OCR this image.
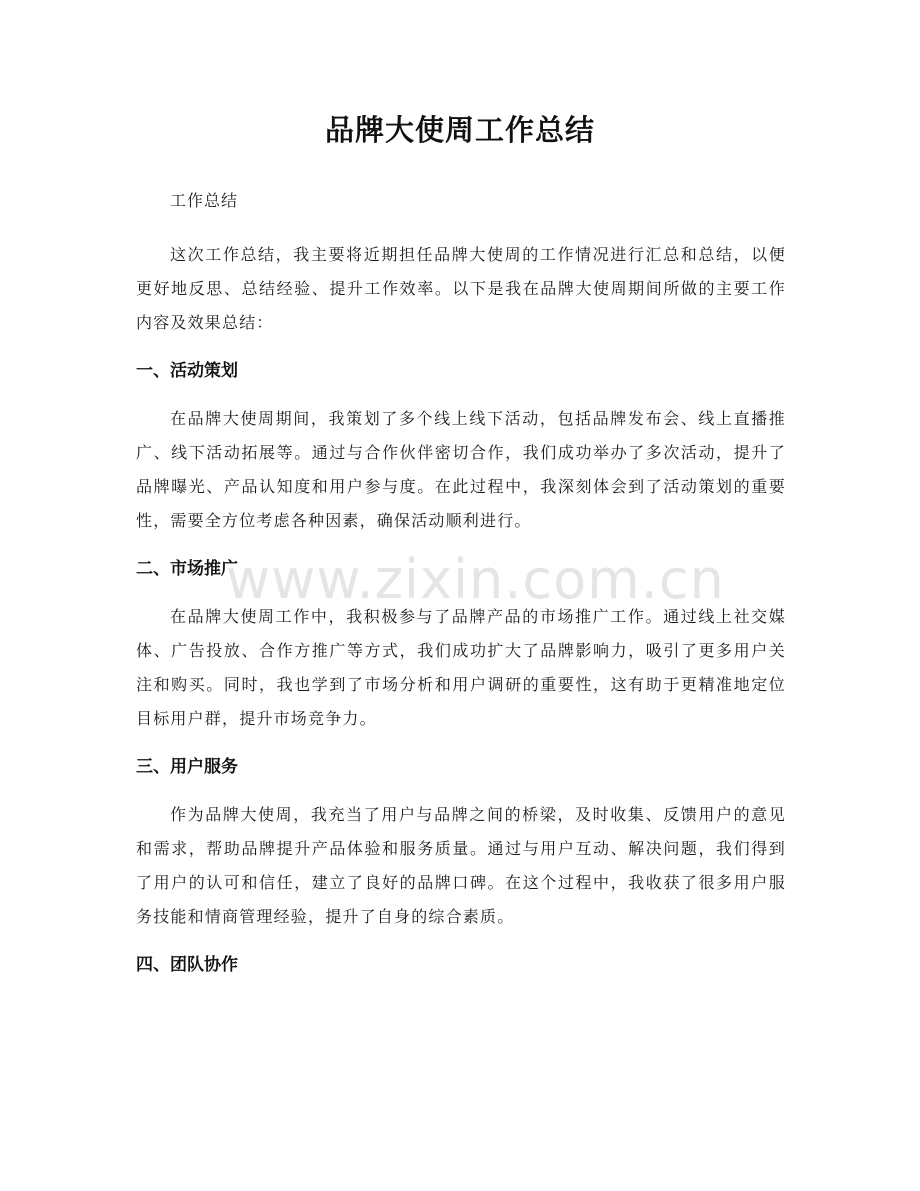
品牌大使周工作总结

工作总结

这次工作总结，我主要将近期担任品牌大使周的工作情况进行汇总和总结，以便更好地反思、总结经验、提升工作效率。以下是我在品牌大使周期间所做的主要工作内容及效果总结：

一、活动策划

在品牌大使周期间，我策划了多个线上线下活动，包括品牌发布会、线上直播推广、线下活动拓展等。通过与合作伙伴密切合作，我们成功举办了多次活动，提升了品牌曝光、产品认知度和用户参与度。在此过程中，我深刻体会到了活动策划的重要性，需要全方位考虑各种因素，确保活动顺利进行。

二、市场推广

在品牌大使周工作中，我积极参与了品牌产品的市场推广工作。通过线上社交媒体、广告投放、合作方推广等方式，我们成功扩大了品牌影响力，吸引了更多用户关注和购买。同时，我也学到了市场分析和用户调研的重要性，这有助于更精准地定位目标用户群，提升市场竞争力。

三、用户服务

作为品牌大使周，我充当了用户与品牌之间的桥梁，及时收集、反馈用户的意见和需求，帮助品牌提升产品体验和服务质量。通过与用户互动、解决问题，我们得到了用户的认可和信任，建立了良好的品牌口碑。在这个过程中，我收获了很多用户服务技能和情商管理经验，提升了自身的综合素质。

四、团队协作
www.zixin.com.cn
